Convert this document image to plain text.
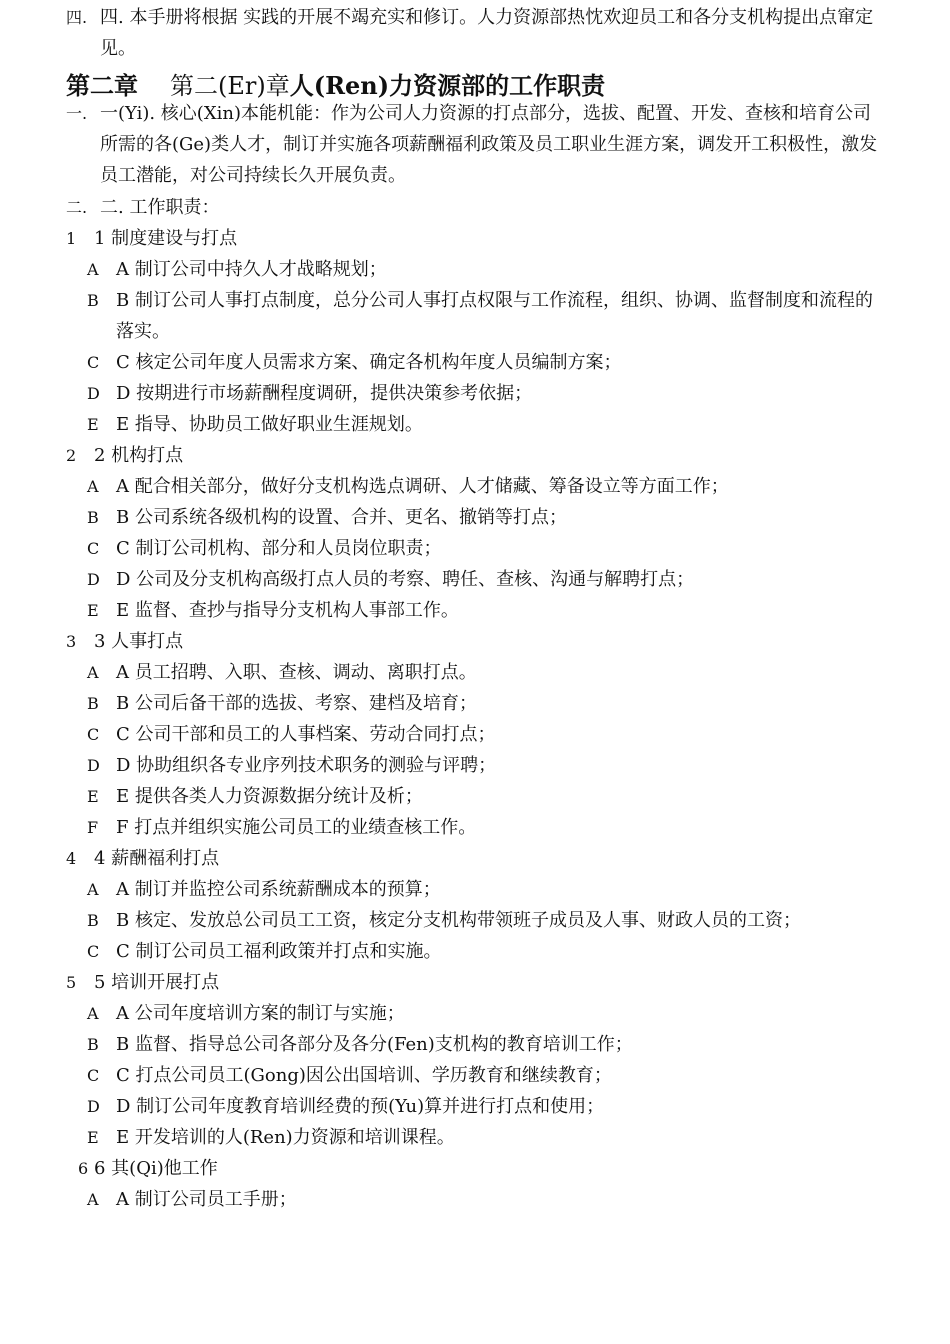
四. 四. 本手册将根据 实践的开展不竭充实和修订。人力资源部热忱欢迎员工和各分支机构提出点窜定见。
第二章 第二(Er)章人(Ren)力资源部的工作职责
一. 一(Yi). 核心(Xin)本能机能：作为公司人力资源的打点部分，选拔、配置、开发、查核和培育公司所需的各(Ge)类人才，制订并实施各项薪酬福利政策及员工职业生涯方案，调发开工积极性，激发员工潜能，对公司持续长久开展负责。
二. 二. 工作职责：
1 1 制度建设与打点
A A 制订公司中持久人才战略规划；
B B 制订公司人事打点制度，总分公司人事打点权限与工作流程，组织、协调、监督制度和流程的落实。
C C 核定公司年度人员需求方案、确定各机构年度人员编制方案；
D D 按期进行市场薪酬程度调研，提供决策参考依据；
E E 指导、协助员工做好职业生涯规划。
2 2 机构打点
A A 配合相关部分，做好分支机构选点调研、人才储藏、筹备设立等方面工作；
B B 公司系统各级机构的设置、合并、更名、撤销等打点；
C C 制订公司机构、部分和人员岗位职责；
D D 公司及分支机构高级打点人员的考察、聘任、查核、沟通与解聘打点；
E E 监督、查抄与指导分支机构人事部工作。
3 3 人事打点
A A 员工招聘、入职、查核、调动、离职打点。
B B 公司后备干部的选拔、考察、建档及培育；
C C 公司干部和员工的人事档案、劳动合同打点；
D D 协助组织各专业序列技术职务的测验与评聘；
E E 提供各类人力资源数据分统计及析；
F F 打点并组织实施公司员工的业绩查核工作。
4 4 薪酬福利打点
A A 制订并监控公司系统薪酬成本的预算；
B B 核定、发放总公司员工工资，核定分支机构带领班子成员及人事、财政人员的工资；
C C 制订公司员工福利政策并打点和实施。
5 5 培训开展打点
A A 公司年度培训方案的制订与实施；
B B 监督、指导总公司各部分及各分(Fen)支机构的教育培训工作；
C C 打点公司员工(Gong)因公出国培训、学历教育和继续教育；
D D 制订公司年度教育培训经费的预(Yu)算并进行打点和使用；
E E 开发培训的人(Ren)力资源和培训课程。
6 6 其(Qi)他工作
A A 制订公司员工手册；
